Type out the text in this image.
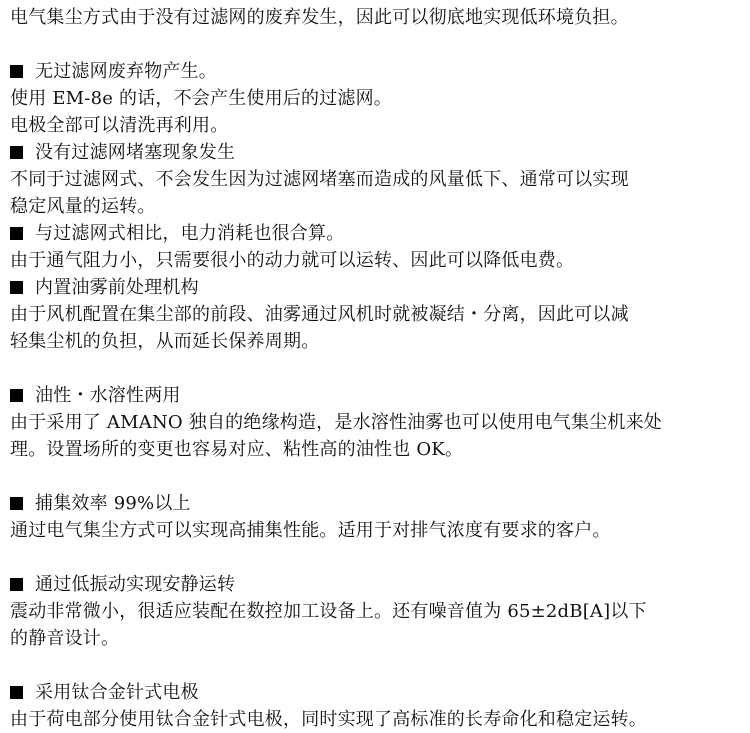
电气集尘方式由于没有过滤网的废弃发生，因此可以彻底地实现低环境负担。
无过滤网废弃物产生。
使用 EM-8e 的话，不会产生使用后的过滤网。
电极全部可以清洗再利用。
没有过滤网堵塞现象发生
不同于过滤网式、不会发生因为过滤网堵塞而造成的风量低下、通常可以实现
稳定风量的运转。
与过滤网式相比，电力消耗也很合算。
由于通气阻力小，只需要很小的动力就可以运转、因此可以降低电费。
内置油雾前处理机构
由于风机配置在集尘部的前段、油雾通过风机时就被凝结・分离，因此可以减
轻集尘机的负担，从而延长保养周期。
油性・水溶性两用
由于采用了 AMANO 独自的绝缘构造，是水溶性油雾也可以使用电气集尘机来处
理。设置场所的变更也容易对应、粘性高的油性也 OK。
捕集效率 99%以上
通过电气集尘方式可以实现高捕集性能。适用于对排气浓度有要求的客户。
通过低振动实现安静运转
震动非常微小，很适应装配在数控加工设备上。还有噪音值为 65±2dB[A]以下
的静音设计。
采用钛合金针式电极
由于荷电部分使用钛合金针式电极，同时实现了高标准的长寿命化和稳定运转。
